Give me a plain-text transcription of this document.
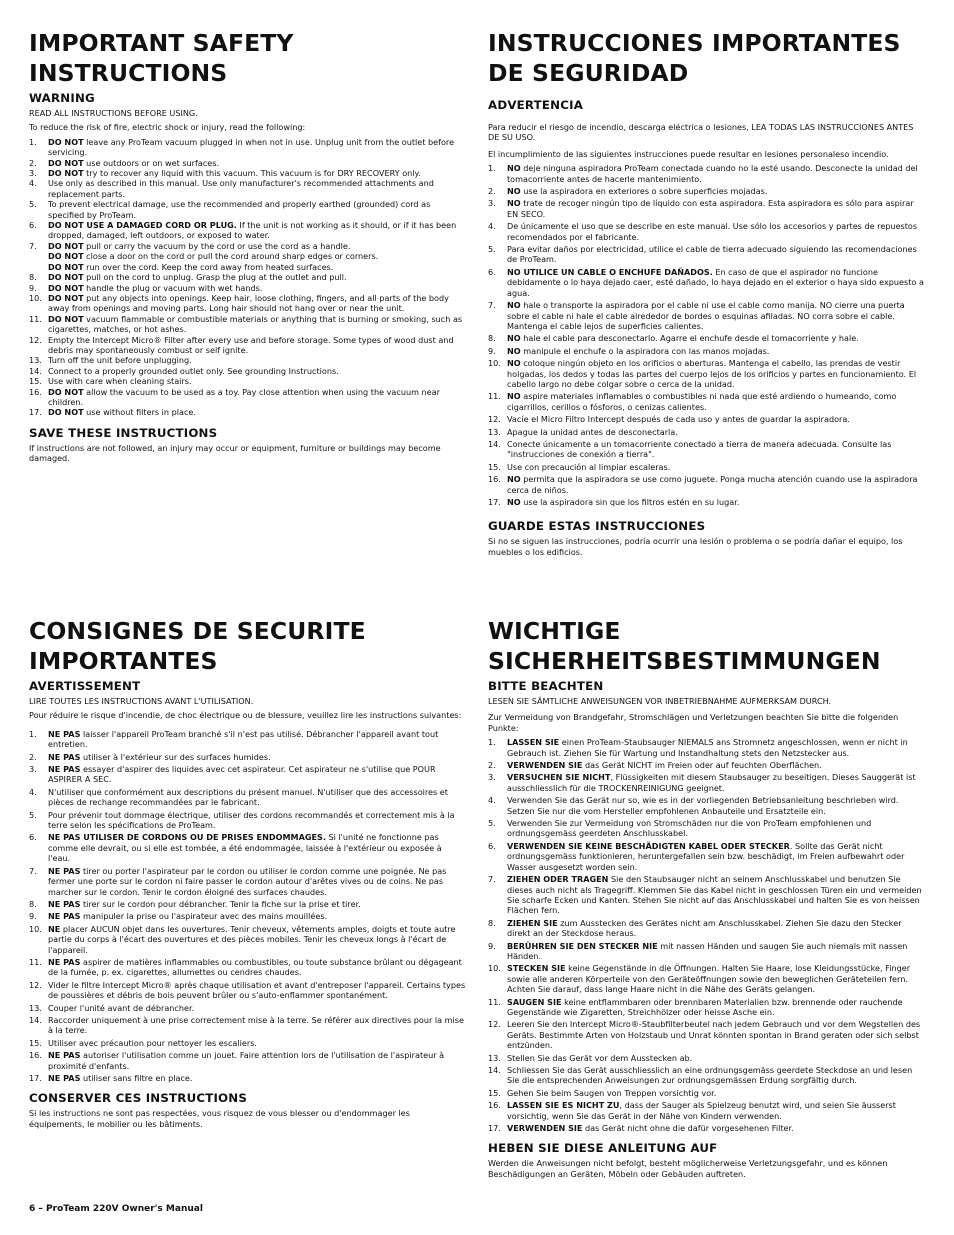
IMPORTANT SAFETY INSTRUCTIONS
WARNING
READ ALL INSTRUCTIONS BEFORE USING.
To reduce the risk of fire, electric shock or injury, read the following:
1. DO NOT leave any ProTeam vacuum plugged in when not in use. Unplug unit from the outlet before servicing.
2. DO NOT use outdoors or on wet surfaces.
3. DO NOT try to recover any liquid with this vacuum. This vacuum is for DRY RECOVERY only.
4. Use only as described in this manual. Use only manufacturer's recommended attachments and replacement parts.
5. To prevent electrical damage, use the recommended and properly earthed (grounded) cord as specified by ProTeam.
6. DO NOT USE A DAMAGED CORD OR PLUG. If the unit is not working as it should, or if it has been dropped, damaged, left outdoors, or exposed to water.
7. DO NOT pull or carry the vacuum by the cord or use the cord as a handle.
DO NOT close a door on the cord or pull the cord around sharp edges or corners.
DO NOT run over the cord. Keep the cord away from heated surfaces.
8. DO NOT pull on the cord to unplug. Grasp the plug at the outlet and pull.
9. DO NOT handle the plug or vacuum with wet hands.
10. DO NOT put any objects into openings. Keep hair, loose clothing, fingers, and all parts of the body away from openings and moving parts. Long hair should not hang over or near the unit.
11. DO NOT vacuum flammable or combustible materials or anything that is burning or smoking, such as cigarettes, matches, or hot ashes.
12. Empty the Intercept Micro® Filter after every use and before storage. Some types of wood dust and debris may spontaneously combust or self ignite.
13. Turn off the unit before unplugging.
14. Connect to a properly grounded outlet only. See grounding Instructions.
15. Use with care when cleaning stairs.
16. DO NOT allow the vacuum to be used as a toy. Pay close attention when using the vacuum near children.
17. DO NOT use without filters in place.
SAVE THESE INSTRUCTIONS
If instructions are not followed, an injury may occur or equipment, furniture or buildings may become damaged.
INSTRUCCIONES IMPORTANTES DE SEGURIDAD
ADVERTENCIA
Para reducir el riesgo de incendio, descarga eléctrica o lesiones, LEA TODAS LAS INSTRUCCIONES ANTES DE SU USO.
El incumplimiento de las siguientes instrucciones puede resultar en lesiones personaleso incendio.
1. NO deje ninguna aspiradora ProTeam conectada cuando no la esté usando. Desconecte la unidad del tomacorriente antes de hacerle mantenimiento.
2. NO use la aspiradora en exteriores o sobre superficies mojadas.
3. NO trate de recoger ningún tipo de líquido con esta aspiradora. Esta aspiradora es sólo para aspirar EN SECO.
4. De únicamente el uso que se describe en este manual. Use sólo los accesorios y partes de repuestos recomendados por el fabricante.
5. Para evitar daños por electricidad, utilice el cable de tierra adecuado siguiendo las recomendaciones de ProTeam.
6. NO UTILICE UN CABLE O ENCHUFE DAÑADOS. En caso de que el aspirador no funcione debidamente o lo haya dejado caer, esté dañado, lo haya dejado en el exterior o haya sido expuesto a agua.
7. NO hale o transporte la aspiradora por el cable ni use el cable como manija. NO cierre una puerta sobre el cable ni hale el cable alrededor de bordes o esquinas afiladas. NO corra sobre el cable. Mantenga el cable lejos de superficies calientes.
8. NO hale el cable para desconectarlo. Agarre el enchufe desde el tomacorriente y hale.
9. NO manipule el enchufe o la aspiradora con las manos mojadas.
10. NO coloque ningún objeto en los orificios o aberturas. Mantenga el cabello, las prendas de vestir holgadas, los dedos y todas las partes del cuerpo lejos de los orificios y partes en funcionamiento. El cabello largo no debe colgar sobre o cerca de la unidad.
11. NO aspire materiales inflamables o combustibles ni nada que esté ardiendo o humeando, como cigarrillos, cerillos o fósforos, o cenizas calientes.
12. Vacíe el Micro Filtro Intercept después de cada uso y antes de guardar la aspiradora.
13. Apague la unidad antes de desconectarla.
14. Conecte únicamente a un tomacorriente conectado a tierra de manera adecuada. Consulte las "instrucciones de conexión a tierra".
15. Use con precaución al limpiar escaleras.
16. NO permita que la aspiradora se use como juguete. Ponga mucha atención cuando use la aspiradora cerca de niños.
17. NO use la aspiradora sin que los filtros estén en su lugar.
GUARDE ESTAS INSTRUCCIONES
Si no se siguen las instrucciones, podría ocurrir una lesión o problema o se podría dañar el equipo, los muebles o los edificios.
CONSIGNES DE SECURITE IMPORTANTES
AVERTISSEMENT
LIRE TOUTES LES INSTRUCTIONS AVANT L'UTILISATION.
Pour réduire le risque d'incendie, de choc électrique ou de blessure, veuillez lire les instructions suivantes:
1. NE PAS laisser l'appareil ProTeam branché s'il n'est pas utilisé. Débrancher l'appareil avant tout entretien.
2. NE PAS utiliser à l'extérieur sur des surfaces humides.
3. NE PAS essayer d'aspirer des liquides avec cet aspirateur. Cet aspirateur ne s'utilise que POUR ASPIRER A SEC.
4. N'utiliser que conformément aux descriptions du présent manuel. N'utiliser que des accessoires et pièces de rechange recommandées par le fabricant.
5. Pour prévenir tout dommage électrique, utiliser des cordons recommandés et correctement mis à la terre selon les spécifications de ProTeam.
6. NE PAS UTILISER DE CORDONS OU DE PRISES ENDOMMAGES. Si l'unité ne fonctionne pas comme elle devrait, ou si elle est tombée, a été endommagée, laissée à l'extérieur ou exposée à l'eau.
7. NE PAS tirer ou porter l'aspirateur par le cordon ou utiliser le cordon comme une poignée. Ne pas fermer une porte sur le cordon ni faire passer le cordon autour d'arêtes vives ou de coins. Ne pas marcher sur le cordon. Tenir le cordon éloigné des surfaces chaudes.
8. NE PAS tirer sur le cordon pour débrancher. Tenir la fiche sur la prise et tirer.
9. NE PAS manipuler la prise ou l'aspirateur avec des mains mouillées.
10. NE placer AUCUN objet dans les ouvertures. Tenir cheveux, vêtements amples, doigts et toute autre partie du corps à l'écart des ouvertures et des pièces mobiles. Tenir les cheveux longs à l'écart de l'appareil.
11. NE PAS aspirer de matières inflammables ou combustibles, ou toute substance brûlant ou dégageant de la fumée, p. ex. cigarettes, allumettes ou cendres chaudes.
12. Vider le filtre Intercept Micro® après chaque utilisation et avant d'entreposer l'appareil. Certains types de poussières et débris de bois peuvent brûler ou s'auto-enflammer spontanément.
13. Couper l'unité avant de débrancher.
14. Raccorder uniquement à une prise correctement mise à la terre. Se référer aux directives pour la mise à la terre.
15. Utiliser avec précaution pour nettoyer les escaliers.
16. NE PAS autoriser l'utilisation comme un jouet. Faire attention lors de l'utilisation de l'aspirateur à proximité d'enfants.
17. NE PAS utiliser sans filtre en place.
CONSERVER CES INSTRUCTIONS
Si les instructions ne sont pas respectées, vous risquez de vous blesser ou d'endommager les équipements, le mobilier ou les bâtiments.
WICHTIGE SICHERHEITSBESTIMMUNGEN
BITTE BEACHTEN
LESEN SIE SÄMTLICHE ANWEISUNGEN VOR INBETRIEBNAHME AUFMERKSAM DURCH.
Zur Vermeidung von Brandgefahr, Stromschlägen und Verletzungen beachten Sie bitte die folgenden Punkte:
1. LASSEN SIE einen ProTeam-Staubsauger NIEMALS ans Stromnetz angeschlossen, wenn er nicht in Gebrauch ist. Ziehen Sie für Wartung und Instandhaltung stets den Netzstecker aus.
2. VERWENDEN SIE das Gerät NICHT im Freien oder auf feuchten Oberflächen.
3. VERSUCHEN SIE NICHT, Flüssigkeiten mit diesem Staubsauger zu beseitigen. Dieses Sauggerät ist ausschliesslich für die TROCKENREINIGUNG geeignet.
4. Verwenden Sie das Gerät nur so, wie es in der vorliegenden Betriebsanleitung beschrieben wird. Setzen Sie nur die vom Hersteller empfohlenen Anbauteile und Ersatzteile ein.
5. Verwenden Sie zur Vermeidung von Stromschäden nur die von ProTeam empfohlenen und ordnungsgemäss geerdeten Anschlusskabel.
6. VERWENDEN SIE KEINE BESCHÄDIGTEN KABEL ODER STECKER. Sollte das Gerät nicht ordnungsgemäss funktionieren, heruntergefallen sein bzw. beschädigt, im Freien aufbewahrt oder Wasser ausgesetzt worden sein.
7. ZIEHEN ODER TRAGEN Sie den Staubsauger nicht an seinem Anschlusskabel und benutzen Sie dieses auch nicht als Tragegriff. Klemmen Sie das Kabel nicht in geschlossen Türen ein und vermeiden Sie scharfe Ecken und Kanten. Stehen Sie nicht auf das Anschlusskabel und halten Sie es von heissen Flächen fern.
8. ZIEHEN SIE zum Ausstecken des Gerätes nicht am Anschlusskabel. Ziehen Sie dazu den Stecker direkt an der Steckdose heraus.
9. BERÜHREN SIE DEN STECKER NIE mit nassen Händen und saugen Sie auch niemals mit nassen Händen.
10. STECKEN SIE keine Gegenstände in die Öffnungen. Halten Sie Haare, lose Kleidungsstücke, Finger sowie alle anderen Körperteile von den Geräteöffnungen sowie den beweglichen Geräteteilen fern. Achten Sie darauf, dass lange Haare nicht in die Nähe des Geräts gelangen.
11. SAUGEN SIE keine entflammbaren oder brennbaren Materialien bzw. brennende oder rauchende Gegenstände wie Zigaretten, Streichhölzer oder heisse Asche ein.
12. Leeren Sie den Intercept Micro®-Staubfilterbeutel nach jedem Gebrauch und vor dem Wegstellen des Geräts. Bestimmte Arten von Holzstaub und Unrat könnten spontan in Brand geraten oder sich selbst entzünden.
13. Stellen Sie das Gerät vor dem Ausstecken ab.
14. Schliessen Sie das Gerät ausschliesslich an eine ordnungsgemäss geerdete Steckdose an und lesen Sie die entsprechenden Anweisungen zur ordnungsgemässen Erdung sorgfältig durch.
15. Gehen Sie beim Saugen von Treppen vorsichtig vor.
16. LASSEN SIE ES NICHT ZU, dass der Sauger als Spielzeug benutzt wird, und seien Sie äusserst vorsichtig, wenn Sie das Gerät in der Nähe von Kindern verwenden.
17. VERWENDEN SIE das Gerät nicht ohne die dafür vorgesehenen Filter.
HEBEN SIE DIESE ANLEITUNG AUF
Werden die Anweisungen nicht befolgt, besteht möglicherweise Verletzungsgefahr, und es können Beschädigungen an Geräten, Möbeln oder Gebäuden auftreten.
6 – ProTeam 220V Owner's Manual
